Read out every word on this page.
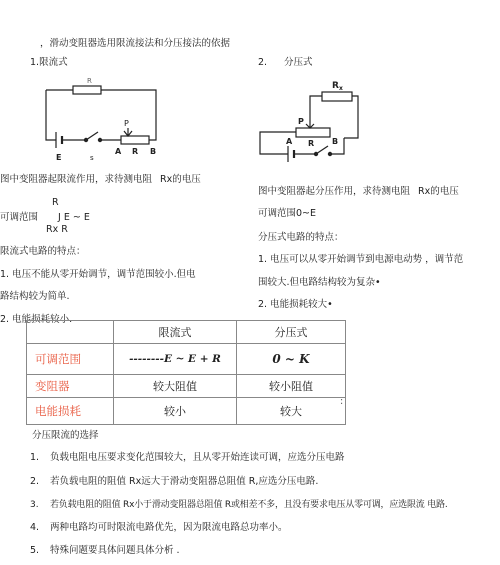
，滑动变阻器选用限流接法和分压接法的依据
1.限流式
R
E	s
P
A R B
图中变阻器起限流作用，求待测电阻 Rx的电压
R
可调范围 J E ~ E
Rx R
限流式电路的特点：
1. 电压不能从零开始调节，调节范围较小.但电
路结构较为简单.
2. 电能损耗较小.
2. 分压式
R x
P
A R B
图中变阻器起分压作用，求待测电阻 Rx的电压
可调范围0~E
分压式电路的特点：
1. 电压可以从零开始调节到电源电动势 ，调节范
围较大.但电路结构较为复杂•
2. 电能损耗较大•
	限流式	分压式
可调范围	--------E ~ E + R	0 ~ K
变阻器	较大阻值	较小阻值
电能损耗	较小	较大
:
分压限流的选择
1. 负载电阻电压要求变化范围较大，且从零开始连读可调，应选分压电路
2. 若负载电阻的阻值 Rx远大于滑动变阻器总阻值 R,应选分压电路.
3. 若负载电阻的阻值 Rx小于滑动变阻器总阻值 R或相差不多，且没有要求电压从零可调，应选限流 电路.
4. 两种电路均可时限流电路优先，因为限流电路总功率小。
5. 特殊问题要具体问题具体分析 .
